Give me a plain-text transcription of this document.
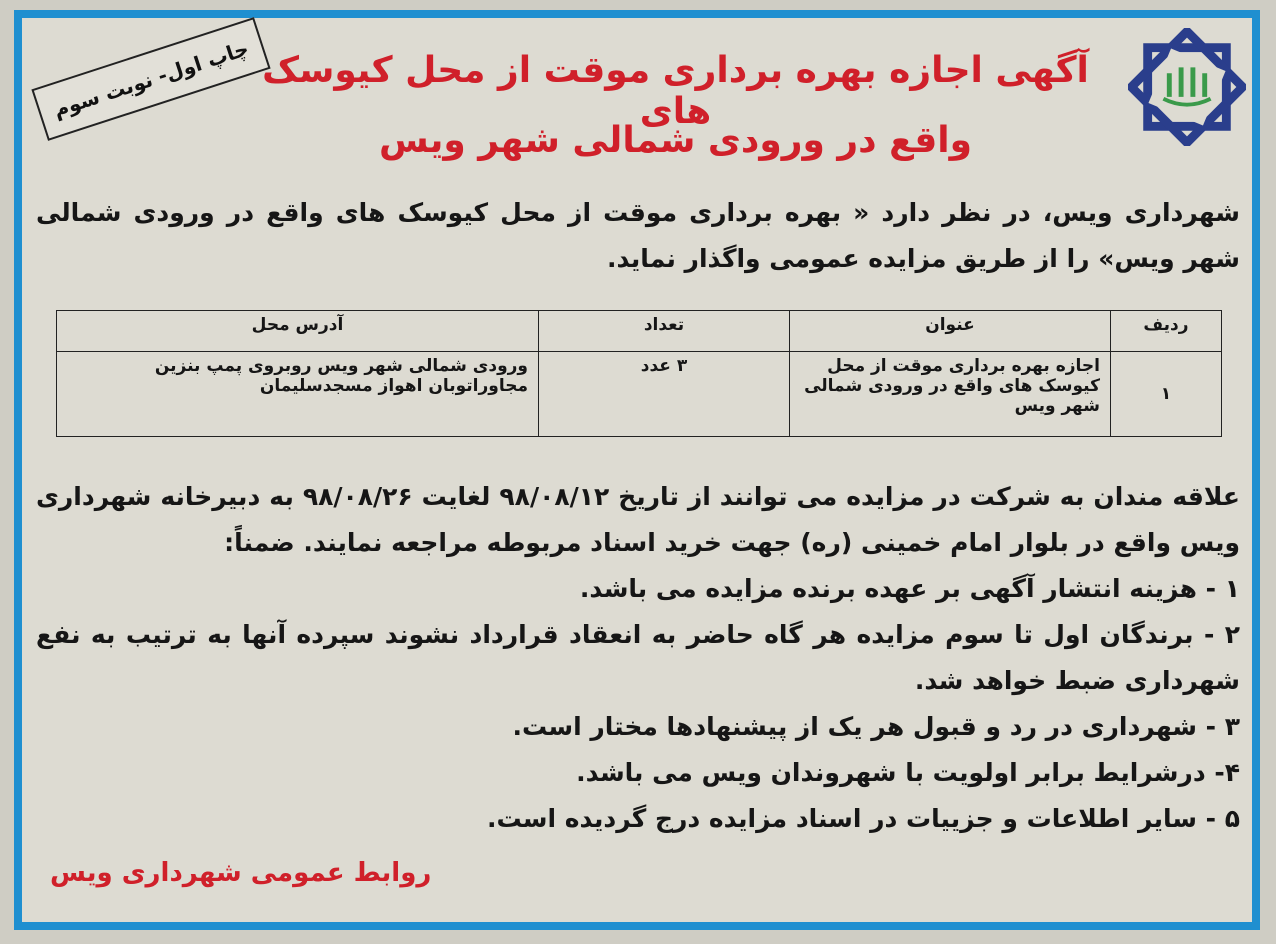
چاپ اول- نوبت سوم آگهی اجازه بهره برداری موقت از محل کیوسک های
واقع در ورودی شمالی شهر ویس
شهرداری ویس، در نظر دارد « بهره برداری موقت از محل کیوسک های واقع در ورودی شمالی شهر ویس» را از طریق مزایده عمومی واگذار نماید.
ردیف	عنوان	تعداد	آدرس محل
۱	اجازه بهره برداری موقت از محل کیوسک های واقع در ورودی شمالی شهر ویس	۳ عدد	ورودی شمالی شهر ویس روبروی پمپ بنزین مجاوراتوبان اهواز مسجدسلیمان

علاقه مندان به شرکت در مزایده می توانند از تاریخ ۹۸/۰۸/۱۲ لغایت ۹۸/۰۸/۲۶ به دبیرخانه شهرداری ویس واقع در بلوار امام خمینی (ره) جهت خرید اسناد مربوطه مراجعه نمایند. ضمناً:

۱ - هزینه انتشار آگهی بر عهده برنده مزایده می باشد.

۲ - برندگان اول تا سوم مزایده هر گاه حاضر به انعقاد قرارداد نشوند سپرده آنها به ترتیب به نفع شهرداری ضبط خواهد شد.

۳ - شهرداری در رد و قبول هر یک از پیشنهادها مختار است.

۴- درشرایط برابر اولویت با شهروندان ویس می باشد.

۵ - سایر اطلاعات و جزییات در اسناد مزایده درج گردیده است.

روابط عمومی شهرداری ویس
